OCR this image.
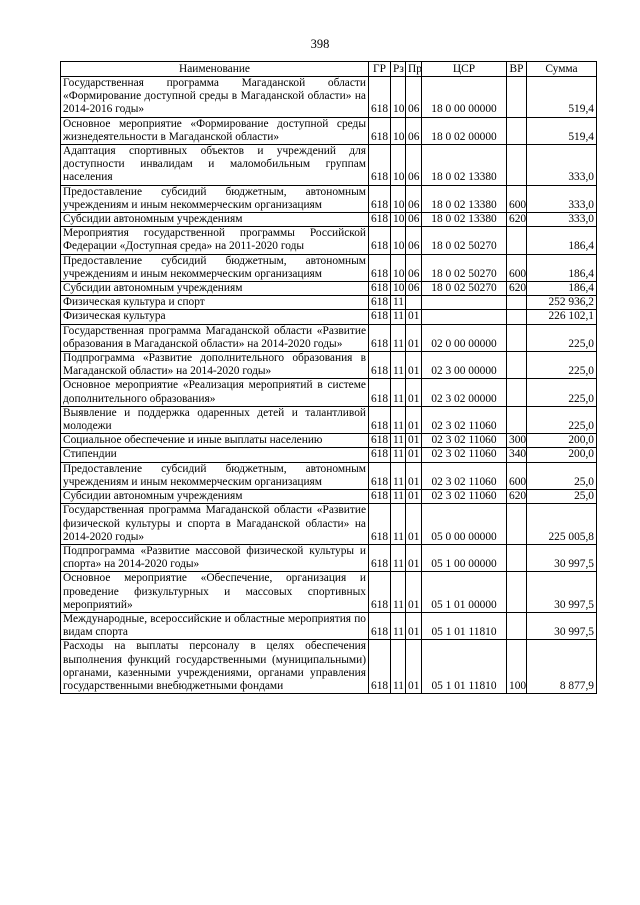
398
Наименование	ГР	Рз	Пр	ЦСР	ВР	Сумма
Государственная программа Магаданской области «Формирование доступной среды в Магаданской области» на 2014-2016 годы»	618	10	06	18 0 00 00000		519,4
Основное мероприятие «Формирование доступной среды жизнедеятельности в Магаданской области»	618	10	06	18 0 02 00000		519,4
Адаптация спортивных объектов и учреждений для доступности инвалидам и маломобильным группам населения	618	10	06	18 0 02 13380		333,0
Предоставление субсидий бюджетным, автономным учреждениям и иным некоммерческим организациям	618	10	06	18 0 02 13380	600	333,0
Субсидии автономным учреждениям	618	10	06	18 0 02 13380	620	333,0
Мероприятия государственной программы Российской Федерации «Доступная среда» на 2011-2020 годы	618	10	06	18 0 02 50270		186,4
Предоставление субсидий бюджетным, автономным учреждениям и иным некоммерческим организациям	618	10	06	18 0 02 50270	600	186,4
Субсидии автономным учреждениям	618	10	06	18 0 02 50270	620	186,4
Физическая культура и спорт	618	11				252 936,2
Физическая культура	618	11	01			226 102,1
Государственная программа Магаданской области «Развитие образования в Магаданской области» на 2014-2020 годы»	618	11	01	02 0 00 00000		225,0
Подпрограмма «Развитие дополнительного образования в Магаданской области» на 2014-2020 годы»	618	11	01	02 3 00 00000		225,0
Основное мероприятие «Реализация мероприятий в системе дополнительного образования»	618	11	01	02 3 02 00000		225,0
Выявление и поддержка одаренных детей и талантливой молодежи	618	11	01	02 3 02 11060		225,0
Социальное обеспечение и иные выплаты населению	618	11	01	02 3 02 11060	300	200,0
Стипендии	618	11	01	02 3 02 11060	340	200,0
Предоставление субсидий бюджетным, автономным учреждениям и иным некоммерческим организациям	618	11	01	02 3 02 11060	600	25,0
Субсидии автономным учреждениям	618	11	01	02 3 02 11060	620	25,0
Государственная программа Магаданской области «Развитие физической культуры и спорта в Магаданской области» на 2014-2020 годы»	618	11	01	05 0 00 00000		225 005,8
Подпрограмма «Развитие массовой физической культуры и спорта» на 2014-2020 годы»	618	11	01	05 1 00 00000		30 997,5
Основное мероприятие «Обеспечение, организация и проведение физкультурных и массовых спортивных мероприятий»	618	11	01	05 1 01 00000		30 997,5
Международные, всероссийские и областные мероприятия по видам спорта	618	11	01	05 1 01 11810		30 997,5
Расходы на выплаты персоналу в целях обеспечения выполнения функций государственными (муниципальными) органами, казенными учреждениями, органами управления государственными внебюджетными фондами	618	11	01	05 1 01 11810	100	8 877,9
